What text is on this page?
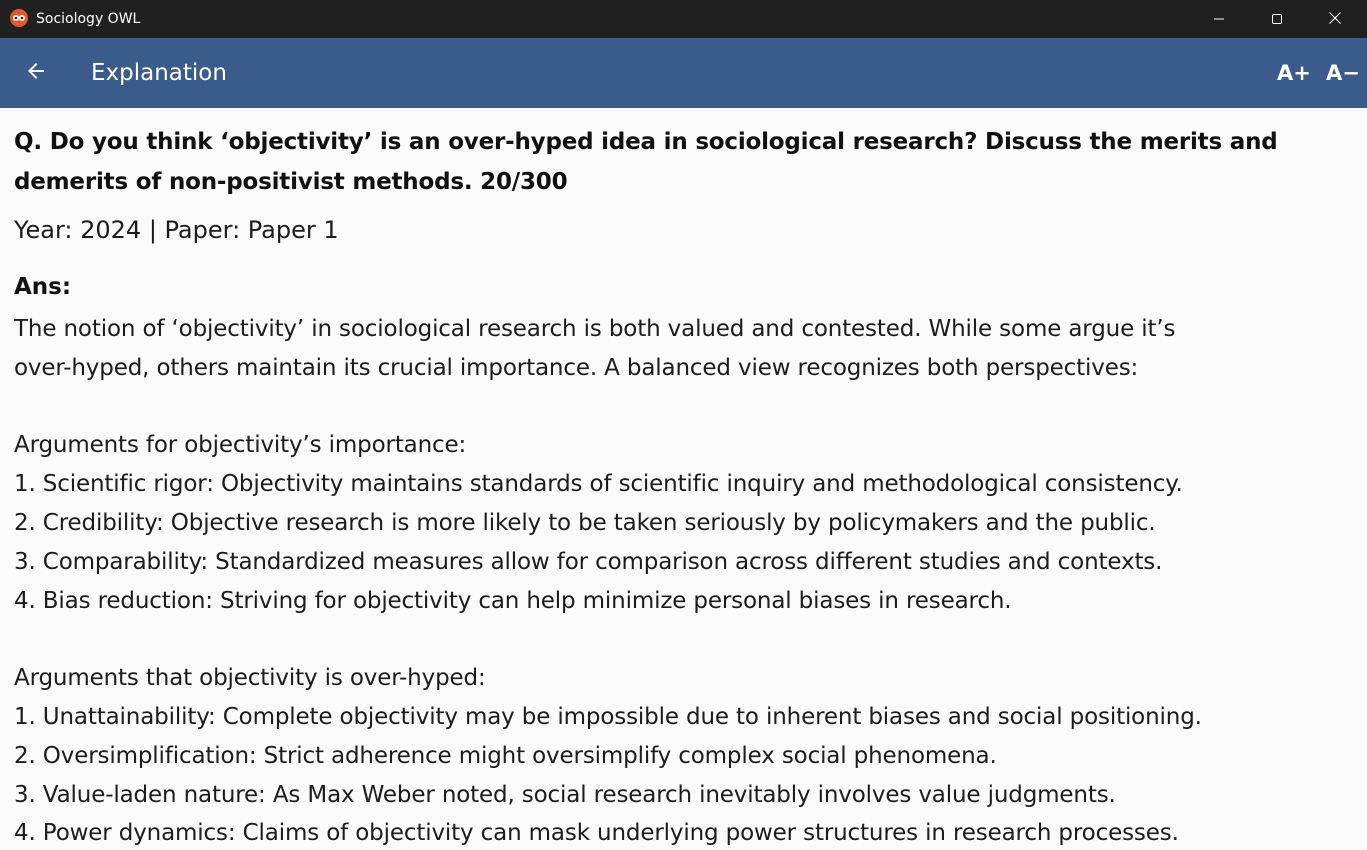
Sociology OWL
Explanation	A+ A−
Q. Do you think ‘objectivity’ is an over-hyped idea in sociological research? Discuss the merits and
demerits of non-positivist methods. 20/300
Year: 2024 | Paper: Paper 1
Ans:
The notion of ‘objectivity’ in sociological research is both valued and contested. While some argue it’s
over-hyped, others maintain its crucial importance. A balanced view recognizes both perspectives:
Arguments for objectivity’s importance:
1. Scientific rigor: Objectivity maintains standards of scientific inquiry and methodological consistency.
2. Credibility: Objective research is more likely to be taken seriously by policymakers and the public.
3. Comparability: Standardized measures allow for comparison across different studies and contexts.
4. Bias reduction: Striving for objectivity can help minimize personal biases in research.
Arguments that objectivity is over-hyped:
1. Unattainability: Complete objectivity may be impossible due to inherent biases and social positioning.
2. Oversimplification: Strict adherence might oversimplify complex social phenomena.
3. Value-laden nature: As Max Weber noted, social research inevitably involves value judgments.
4. Power dynamics: Claims of objectivity can mask underlying power structures in research processes.
